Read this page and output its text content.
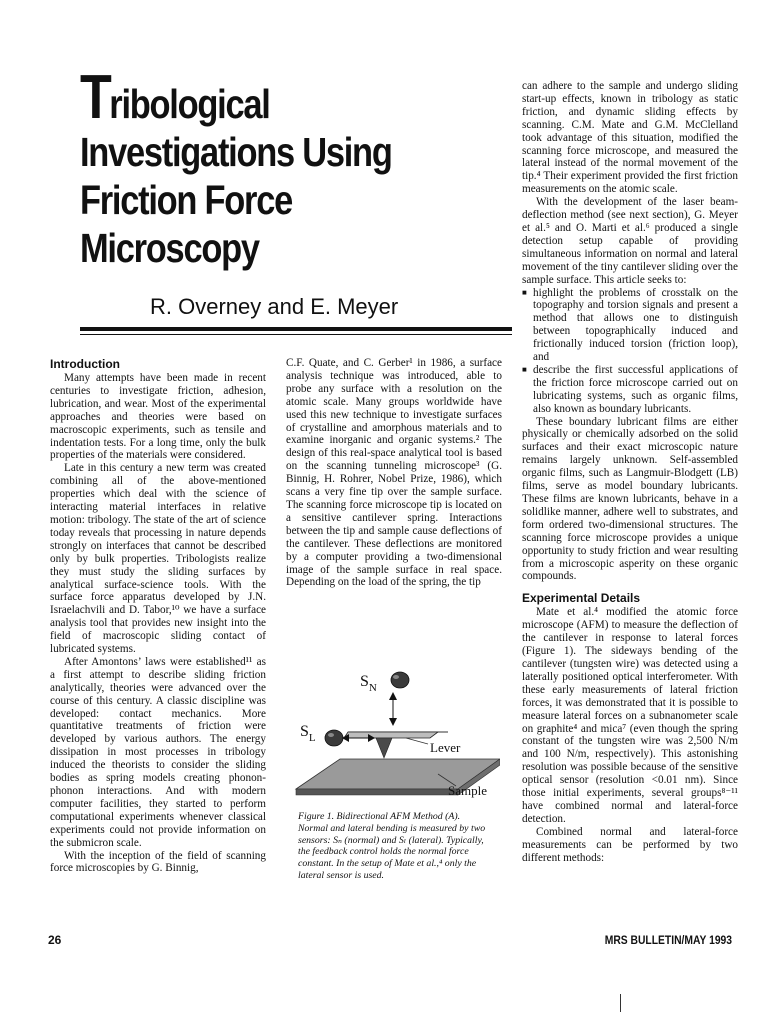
Tribological
Investigations Using
Friction Force
Microscopy
R. Overney and E. Meyer
Introduction

Many attempts have been made in recent centuries to investigate friction, adhesion, lubrication, and wear. Most of the experimental approaches and theories were based on macroscopic experiments, such as tensile and indentation tests. For a long time, only the bulk properties of the materials were considered.

Late in this century a new term was created combining all of the above-mentioned properties which deal with the science of interacting material interfaces in relative motion: tribology. The state of the art of science today reveals that processing in nature depends strongly on interfaces that cannot be described only by bulk properties. Tribologists realize they must study the sliding surfaces by analytical surface-science tools. With the surface force apparatus developed by J.N. Israelachvili and D. Tabor,¹⁰ we have a surface analysis tool that provides new insight into the field of macroscopic sliding contact of lubricated systems.

After Amontons’ laws were established¹¹ as a first attempt to describe sliding friction analytically, theories were advanced over the course of this century. A classic discipline was developed: contact mechanics. More quantitative treatments of friction were developed by various authors. The energy dissipation in most processes in tribology induced the theorists to consider the sliding bodies as spring models creating phonon-phonon interactions. And with modern computer facilities, they started to perform computational experiments whenever classical experiments could not provide information on the submicron scale.

With the inception of the field of scanning force microscopies by G. Binnig,

C.F. Quate, and C. Gerber¹ in 1986, a surface analysis technique was introduced, able to probe any surface with a resolution on the atomic scale. Many groups worldwide have used this new technique to investigate surfaces of crystalline and amorphous materials and to examine inorganic and organic systems.² The design of this real-space analytical tool is based on the scanning tunneling microscope³ (G. Binnig, H. Rohrer, Nobel Prize, 1986), which scans a very fine tip over the sample surface. The scanning force microscope tip is located on a sensitive cantilever spring. Interactions between the tip and sample cause deflections of the cantilever. These deflections are monitored by a computer providing a two-dimensional image of the sample surface in real space. Depending on the load of the spring, the tip

$S_N$
$S_L$
Lever
Sample
Figure 1. Bidirectional AFM Method (A). Normal and lateral bending is measured by two sensors: Sₙ (normal) and Sₗ (lateral). Typically, the feedback control holds the normal force constant. In the setup of Mate et al.,⁴ only the lateral sensor is used.

can adhere to the sample and undergo sliding start-up effects, known in tribology as static friction, and dynamic sliding effects by scanning. C.M. Mate and G.M. McClelland took advantage of this situation, modified the scanning force microscope, and measured the lateral instead of the normal movement of the tip.⁴ Their experiment provided the first friction measurements on the atomic scale.

With the development of the laser beam-deflection method (see next section), G. Meyer et al.⁵ and O. Marti et al.⁶ produced a single detection setup capable of providing simultaneous information on normal and lateral movement of the tiny cantilever sliding over the sample surface. This article seeks to:

■ highlight the problems of crosstalk on the topography and torsion signals and present a method that allows one to distinguish between topographically induced and frictionally induced torsion (friction loop), and
■ describe the first successful applications of the friction force microscope carried out on lubricating systems, such as organic films, also known as boundary lubricants.

These boundary lubricant films are either physically or chemically adsorbed on the solid surfaces and their exact microscopic nature remains largely unknown. Self-assembled organic films, such as Langmuir-Blodgett (LB) films, serve as model boundary lubricants. These films are known lubricants, behave in a solidlike manner, adhere well to substrates, and form ordered two-dimensional structures. The scanning force microscope provides a unique opportunity to study friction and wear resulting from a microscopic asperity on these organic compounds.

Experimental Details

Mate et al.⁴ modified the atomic force microscope (AFM) to measure the deflection of the cantilever in response to lateral forces (Figure 1). The sideways bending of the cantilever (tungsten wire) was detected using a laterally positioned optical interferometer. With these early measurements of lateral friction forces, it was demonstrated that it is possible to measure lateral forces on a subnanometer scale on graphite⁴ and mica⁷ (even though the spring constant of the tungsten wire was 2,500 N/m and 100 N/m, respectively). This astonishing resolution was possible because of the sensitive optical sensor (resolution <0.01 nm). Since those initial experiments, several groups⁸⁻¹¹ have combined normal and lateral-force detection.

Combined normal and lateral-force measurements can be performed by two different methods:

26	MRS BULLETIN/MAY 1993
